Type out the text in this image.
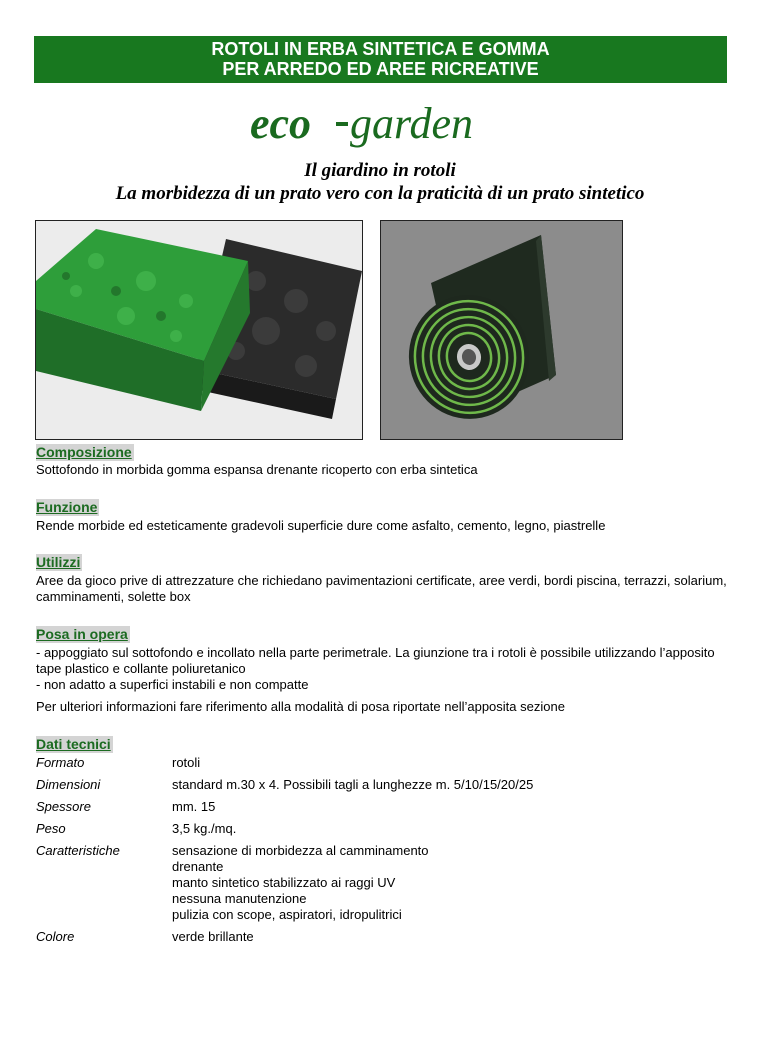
ROTOLI IN ERBA SINTETICA E GOMMA
PER ARREDO ED AREE RICREATIVE
eco garden
Il giardino in rotoli
La morbidezza di un prato vero con la praticità di un prato sintetico
Composizione
Sottofondo in morbida gomma espansa drenante ricoperto con erba sintetica
Funzione
Rende morbide ed esteticamente gradevoli superficie dure come asfalto, cemento, legno, piastrelle
Utilizzi
Aree da gioco prive di attrezzature che richiedano pavimentazioni certificate, aree verdi, bordi piscina, terrazzi, solarium, camminamenti, solette box
Posa in opera
- appoggiato sul sottofondo e incollato nella parte perimetrale. La giunzione tra i rotoli è possibile utilizzando l’apposito tape plastico e collante poliuretanico
- non adatto a superfici instabili e non compatte
Per ulteriori informazioni fare riferimento alla modalità di posa riportate nell’apposita sezione
Dati tecnici
Formato	rotoli
Dimensioni	standard m.30 x 4. Possibili tagli a lunghezze m. 5/10/15/20/25
Spessore	mm. 15
Peso	3,5 kg./mq.
Caratteristiche	sensazione di morbidezza al camminamento
drenante
manto sintetico stabilizzato ai raggi UV
nessuna manutenzione
pulizia con scope, aspiratori, idropulitrici
Colore	verde brillante
